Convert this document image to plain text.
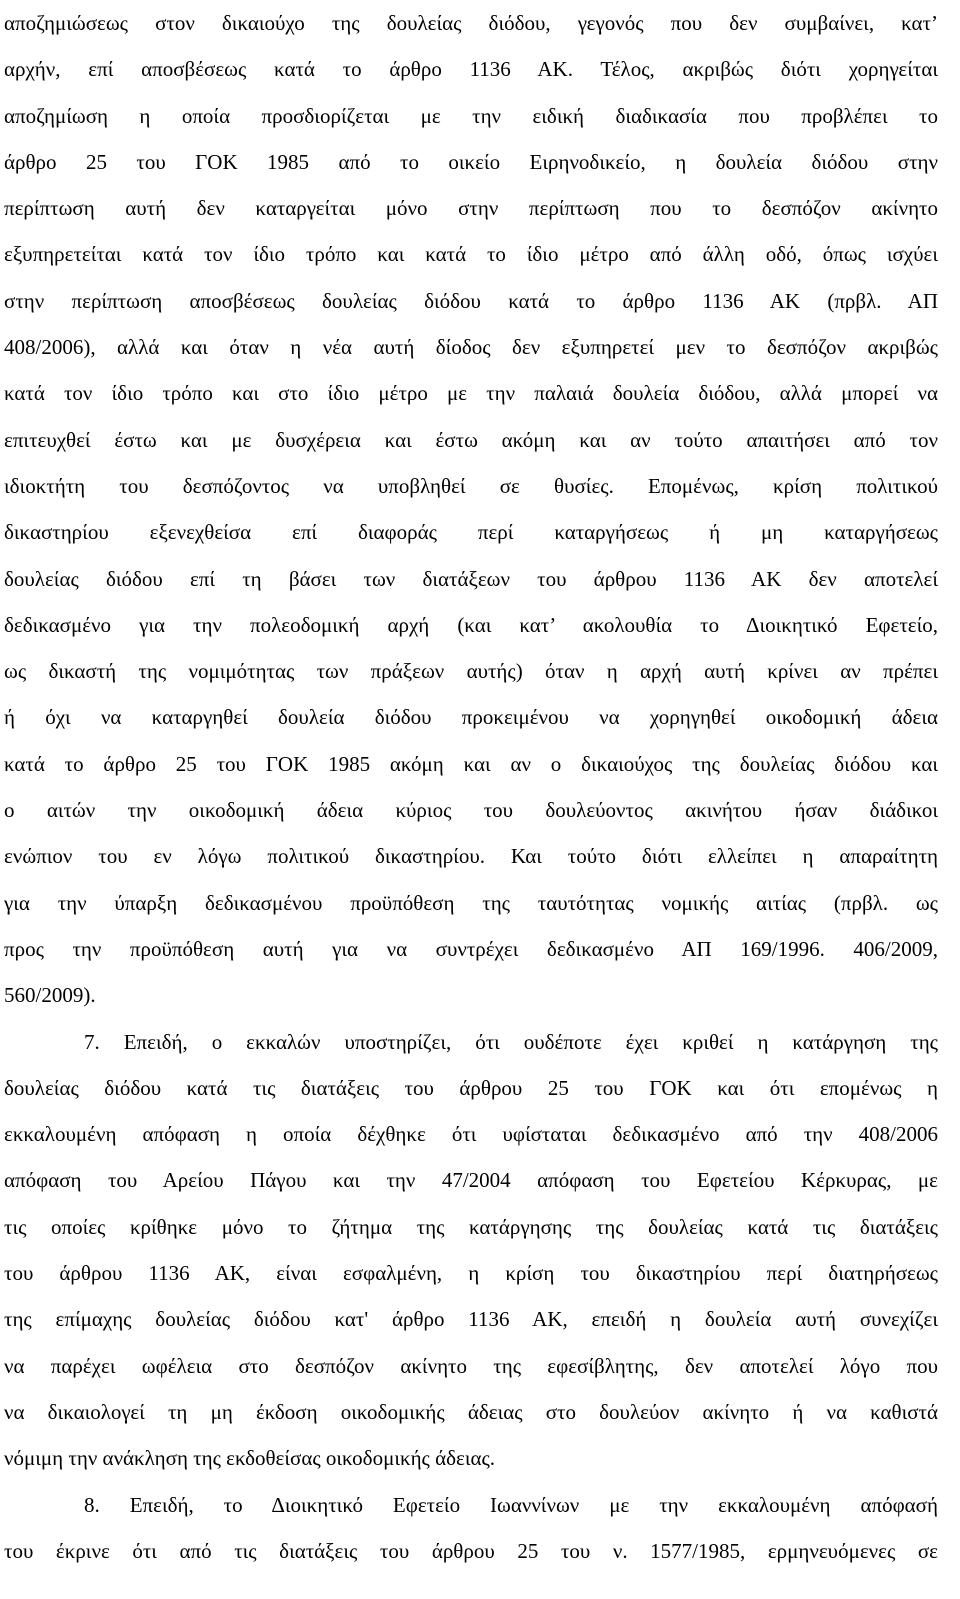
αποζημιώσεως στον δικαιούχο της δουλείας διόδου, γεγονός που δεν συμβαίνει, κατ’
αρχήν, επί αποσβέσεως κατά το άρθρο 1136 ΑΚ. Τέλος, ακριβώς διότι χορηγείται
αποζημίωση η οποία προσδιορίζεται με την ειδική διαδικασία που προβλέπει το
άρθρο 25 του ΓΟΚ 1985 από το οικείο Ειρηνοδικείο, η δουλεία διόδου στην
περίπτωση αυτή δεν καταργείται μόνο στην περίπτωση που το δεσπόζον ακίνητο
εξυπηρετείται κατά τον ίδιο τρόπο και κατά το ίδιο μέτρο από άλλη οδό, όπως ισχύει
στην περίπτωση αποσβέσεως δουλείας διόδου κατά το άρθρο 1136 ΑΚ (πρβλ. ΑΠ
408/2006), αλλά και όταν η νέα αυτή δίοδος δεν εξυπηρετεί μεν το δεσπόζον ακριβώς
κατά τον ίδιο τρόπο και στο ίδιο μέτρο με την παλαιά δουλεία διόδου, αλλά μπορεί να
επιτευχθεί έστω και με δυσχέρεια και έστω ακόμη και αν τούτο απαιτήσει από τον
ιδιοκτήτη του δεσπόζοντος να υποβληθεί σε θυσίες. Επομένως, κρίση πολιτικού
δικαστηρίου εξενεχθείσα επί διαφοράς περί καταργήσεως ή μη καταργήσεως
δουλείας διόδου επί τη βάσει των διατάξεων του άρθρου 1136 ΑΚ δεν αποτελεί
δεδικασμένο για την πολεοδομική αρχή (και κατ’ ακολουθία το Διοικητικό Εφετείο,
ως δικαστή της νομιμότητας των πράξεων αυτής) όταν η αρχή αυτή κρίνει αν πρέπει
ή όχι να καταργηθεί δουλεία διόδου προκειμένου να χορηγηθεί οικοδομική άδεια
κατά το άρθρο 25 του ΓΟΚ 1985 ακόμη και αν ο δικαιούχος της δουλείας διόδου και
ο αιτών την οικοδομική άδεια κύριος του δουλεύοντος ακινήτου ήσαν διάδικοι
ενώπιον του εν λόγω πολιτικού δικαστηρίου. Και τούτο διότι ελλείπει η απαραίτητη
για την ύπαρξη δεδικασμένου προϋπόθεση της ταυτότητας νομικής αιτίας (πρβλ. ως
προς την προϋπόθεση αυτή για να συντρέχει δεδικασμένο ΑΠ 169/1996. 406/2009,
560/2009).
7. Επειδή, ο εκκαλών υποστηρίζει, ότι ουδέποτε έχει κριθεί η κατάργηση της
δουλείας διόδου κατά τις διατάξεις του άρθρου 25 του ΓΟΚ και ότι επομένως η
εκκαλουμένη απόφαση η οποία δέχθηκε ότι υφίσταται δεδικασμένο από την 408/2006
απόφαση του Αρείου Πάγου και την 47/2004 απόφαση του Εφετείου Κέρκυρας, με
τις οποίες κρίθηκε μόνο το ζήτημα της κατάργησης της δουλείας κατά τις διατάξεις
του άρθρου 1136 ΑΚ, είναι εσφαλμένη, η κρίση του δικαστηρίου περί διατηρήσεως
της επίμαχης δουλείας διόδου κατ' άρθρο 1136 ΑΚ, επειδή η δουλεία αυτή συνεχίζει
να παρέχει ωφέλεια στο δεσπόζον ακίνητο της εφεσίβλητης, δεν αποτελεί λόγο που
να δικαιολογεί τη μη έκδοση οικοδομικής άδειας στο δουλεύον ακίνητο ή να καθιστά
νόμιμη την ανάκληση της εκδοθείσας οικοδομικής άδειας.
8. Επειδή, το Διοικητικό Εφετείο Ιωαννίνων με την εκκαλουμένη απόφασή
του έκρινε ότι από τις διατάξεις του άρθρου 25 του ν. 1577/1985, ερμηνευόμενες σε
